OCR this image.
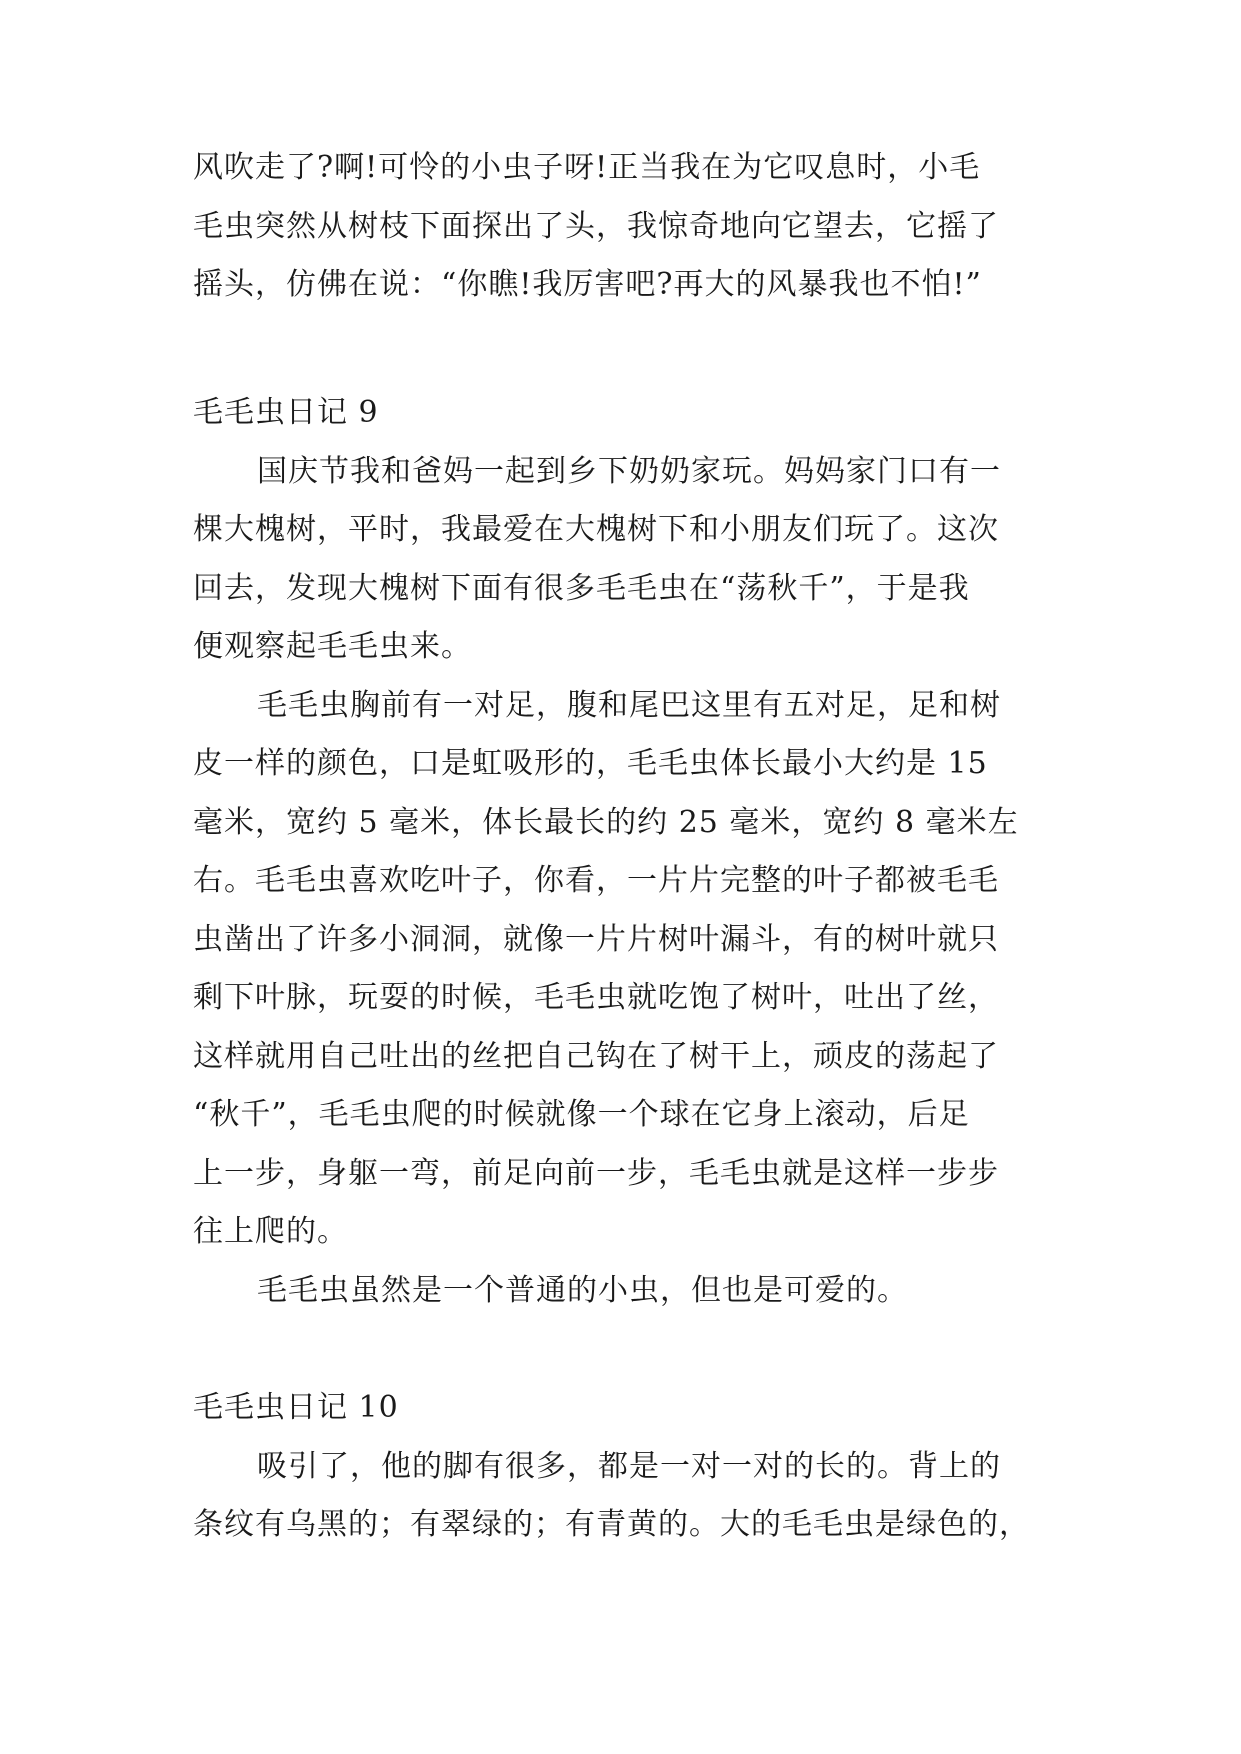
风吹走了?啊!可怜的小虫子呀!正当我在为它叹息时，小毛
毛虫突然从树枝下面探出了头，我惊奇地向它望去，它摇了
摇头，仿佛在说：“你瞧!我厉害吧?再大的风暴我也不怕!”
毛毛虫日记 9
国庆节我和爸妈一起到乡下奶奶家玩。妈妈家门口有一
棵大槐树，平时，我最爱在大槐树下和小朋友们玩了。这次
回去，发现大槐树下面有很多毛毛虫在“荡秋千”，于是我
便观察起毛毛虫来。
毛毛虫胸前有一对足，腹和尾巴这里有五对足，足和树
皮一样的颜色，口是虹吸形的，毛毛虫体长最小大约是 15
毫米，宽约 5 毫米，体长最长的约 25 毫米，宽约 8 毫米左
右。毛毛虫喜欢吃叶子，你看，一片片完整的叶子都被毛毛
虫凿出了许多小洞洞，就像一片片树叶漏斗，有的树叶就只
剩下叶脉，玩耍的时候，毛毛虫就吃饱了树叶，吐出了丝，
这样就用自己吐出的丝把自己钩在了树干上，顽皮的荡起了
“秋千”，毛毛虫爬的时候就像一个球在它身上滚动，后足
上一步，身躯一弯，前足向前一步，毛毛虫就是这样一步步
往上爬的。
毛毛虫虽然是一个普通的小虫，但也是可爱的。
毛毛虫日记 10
吸引了，他的脚有很多，都是一对一对的长的。背上的
条纹有乌黑的；有翠绿的；有青黄的。大的毛毛虫是绿色的，
